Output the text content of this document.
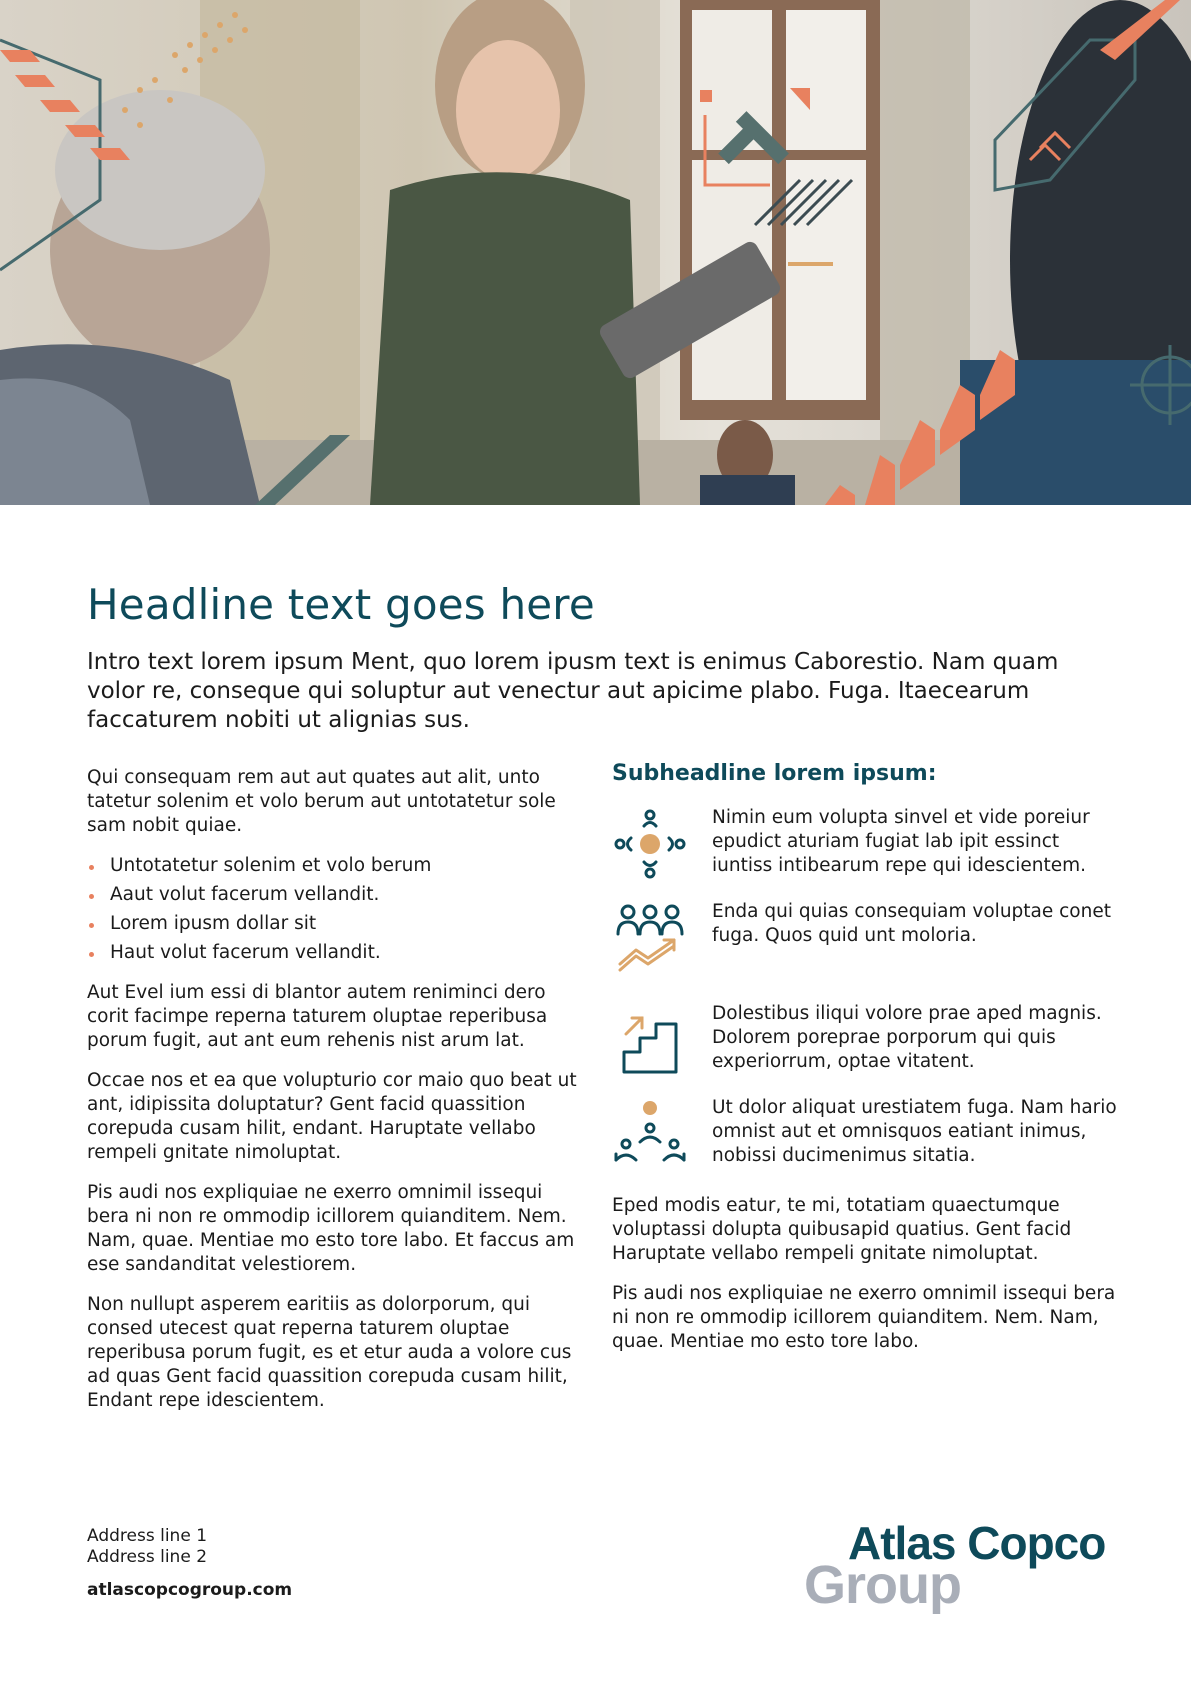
Headline text goes here

Intro text lorem ipsum Ment, quo lorem ipusm text is enimus Caborestio. Nam quam volor re, conseque qui soluptur aut venectur aut apicime plabo. Fuga. Itaecearum faccaturem nobiti ut alignias sus.

Qui consequam rem aut aut quates aut alit, unto tatetur solenim et volo berum aut untotatetur sole sam nobit quiae.

Untotatetur solenim et volo berum
Aaut volut facerum vellandit.
Lorem ipusm dollar sit
Haut volut facerum vellandit.

Aut Evel ium essi di blantor autem reniminci dero corit facimpe reperna taturem oluptae reperibusa porum fugit, aut ant eum rehenis nist arum lat.

Occae nos et ea que volupturio cor maio quo beat ut ant, idipissita doluptatur? Gent facid quassition corepuda cusam hilit, endant. Haruptate vellabo rempeli gnitate nimoluptat.

Pis audi nos expliquiae ne exerro omnimil issequi bera ni non re ommodip icillorem quianditem. Nem. Nam, quae. Mentiae mo esto tore labo. Et faccus am ese sandanditat velestiorem.

Non nullupt asperem earitiis as dolorporum, qui consed utecest quat reperna taturem oluptae reperibusa porum fugit, es et etur auda a volore cus ad quas Gent facid quassition corepuda cusam hilit, Endant repe idescientem.

Subheadline lorem ipsum:
Nimin eum volupta sinvel et vide poreiur epudict aturiam fugiat lab ipit essinct iuntiss intibearum repe qui idescientem.
Enda qui quias consequiam voluptae conet fuga. Quos quid unt moloria.
Dolestibus iliqui volore prae aped magnis. Dolorem poreprae porporum qui quis experiorrum, optae vitatent.
Ut dolor aliquat urestiatem fuga. Nam hario omnist aut et omnisquos eatiant inimus, nobissi ducimenimus sitatia.

Eped modis eatur, te mi, totatiam quaectumque voluptassi dolupta quibusapid quatius. Gent facid Haruptate vellabo rempeli gnitate nimoluptat.

Pis audi nos expliquiae ne exerro omnimil issequi bera ni non re ommodip icillorem quianditem. Nem. Nam, quae. Mentiae mo esto tore labo.

Address line 1
Address line 2
atlascopcogroup.com
Atlas Copco
Group
